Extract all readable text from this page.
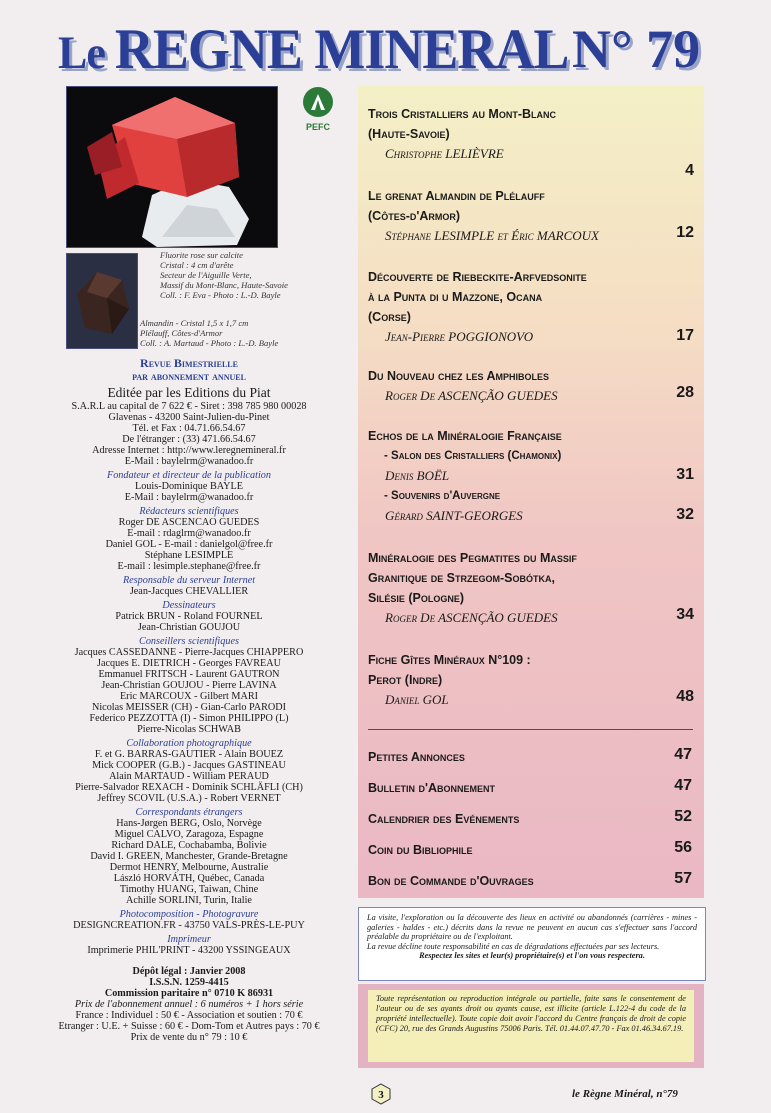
Le REGNE MINERAL N° 79
Fluorite rose sur calcite
Cristal : 4 cm d'arête
Secteur de l'Aiguille Verte,
Massif du Mont-Blanc, Haute-Savoie
Coll. : F. Eva - Photo : L.-D. Bayle
Almandin - Cristal 1,5 x 1,7 cm
Plélauff, Côtes-d'Armor
Coll. : A. Martaud - Photo : L.-D. Bayle
PEFC
Revue Bimestrielle
par abonnement annuel
Editée par les Editions du Piat
S.A.R.L au capital de 7 622 € - Siret : 398 785 980 00028
Glavenas - 43200 Saint-Julien-du-Pinet
Tél. et Fax : 04.71.66.54.67
De l'étranger : (33) 471.66.54.67
Adresse Internet : http://www.leregnemineral.fr
E-Mail : baylelrm@wanadoo.fr
Fondateur et directeur de la publication
Louis-Dominique BAYLE
E-Mail : baylelrm@wanadoo.fr
Rédacteurs scientifiques
Roger DE ASCENCAO GUEDES
E-mail : rdaglrm@wanadoo.fr
Daniel GOL - E-mail : danielgol@free.fr
Stéphane LESIMPLE
E-mail : lesimple.stephane@free.fr
Responsable du serveur Internet
Jean-Jacques CHEVALLIER
Dessinateurs
Patrick BRUN - Roland FOURNEL
Jean-Christian GOUJOU
Conseillers scientifiques
Jacques CASSEDANNE - Pierre-Jacques CHIAPPERO
Jacques E. DIETRICH - Georges FAVREAU
Emmanuel FRITSCH - Laurent GAUTRON
Jean-Christian GOUJOU - Pierre LAVINA
Eric MARCOUX - Gilbert MARI
Nicolas MEISSER (CH) - Gian-Carlo PARODI
Federico PEZZOTTA (I) - Simon PHILIPPO (L)
Pierre-Nicolas SCHWAB
Collaboration photographique
F. et G. BARRAS-GAUTIER - Alain BOUEZ
Mick COOPER (G.B.) - Jacques GASTINEAU
Alain MARTAUD - William PERAUD
Pierre-Salvador REXACH - Dominik SCHLÄFLI (CH)
Jeffrey SCOVIL (U.S.A.) - Robert VERNET
Correspondants étrangers
Hans-Jørgen BERG, Oslo, Norvège
Miguel CALVO, Zaragoza, Espagne
Richard DALE, Cochabamba, Bolivie
David I. GREEN, Manchester, Grande-Bretagne
Dermot HENRY, Melbourne, Australie
László HORVÁTH, Québec, Canada
Timothy HUANG, Taiwan, Chine
Achille SORLINI, Turin, Italie
Photocomposition - Photogravure
DESIGNCREATION.FR - 43750 VALS-PRÈS-LE-PUY
Imprimeur
Imprimerie PHIL'PRINT - 43200 YSSINGEAUX
Dépôt légal : Janvier 2008
I.S.S.N. 1259-4415
Commission paritaire n° 0710 K 86931
Prix de l'abonnement annuel : 6 numéros + 1 hors série
France : Individuel : 50 € - Association et soutien : 70 €
Etranger : U.E. + Suisse : 60 € - Dom-Tom et Autres pays : 70 €
Prix de vente du n° 79 : 10 €
Trois Cristalliers au Mont-Blanc
(Haute-Savoie)
Christophe LELIÈVRE
4
Le grenat Almandin de Plélauff
(Côtes-d'Armor)
Stéphane LESIMPLE et Éric MARCOUX	12
Découverte de Riebeckite-Arfvedsonite
à la Punta di u Mazzone, Ocana
(Corse)
Jean-Pierre POGGIONOVO	17
Du Nouveau chez les Amphiboles
Roger De ASCENÇÃO GUEDES	28
Echos de la Minéralogie Française
- Salon des Cristalliers (Chamonix)
Denis BOËL	31
- Souvenirs d'Auvergne
Gérard SAINT-GEORGES	32
Minéralogie des Pegmatites du Massif
Granitique de Strzegom-Sobótka,
Silésie (Pologne)
Roger De ASCENÇÃO GUEDES	34
Fiche Gîtes Minéraux N°109 :
Perot (Indre)
Daniel GOL	48
Petites Annonces	47
Bulletin d'Abonnement	47
Calendrier des Evénements	52
Coin du Bibliophile	56
Bon de Commande d'Ouvrages	57
La visite, l'exploration ou la découverte des lieux en activité ou abandonnés (carrières - mines - galeries - haldes - etc.) décrits dans la revue ne peuvent en aucun cas s'effectuer sans l'accord préalable du propriétaire ou de l'exploitant.
La revue décline toute responsabilité en cas de dégradations effectuées par ses lecteurs.
Respectez les sites et leur(s) propriétaire(s) et l'on vous respectera.
Toute représentation ou reproduction intégrale ou partielle, faite sans le consentement de l'auteur ou de ses ayants droit ou ayants cause, est illicite (article L.122-4 du code de la propriété intellectuelle). Toute copie doit avoir l'accord du Centre français de droit de copie (CFC) 20, rue des Grands Augustins 75006 Paris. Tél. 01.44.07.47.70 - Fax 01.46.34.67.19.
3	le Règne Minéral, n°79
